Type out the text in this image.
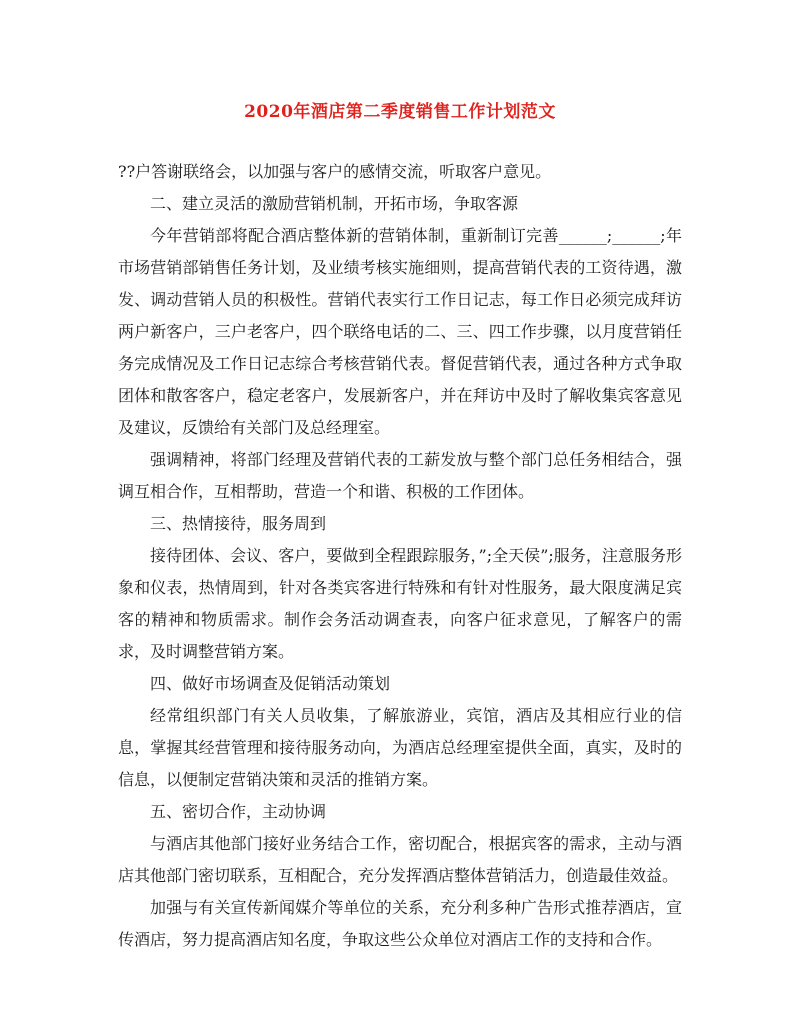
2020年酒店第二季度销售工作计划范文

??户答谢联络会，以加强与客户的感情交流，听取客户意见。

二、建立灵活的激励营销机制，开拓市场，争取客源

今年营销部将配合酒店整体新的营销体制，重新制订完善______;______;年市场营销部销售任务计划，及业绩考核实施细则，提高营销代表的工资待遇，激发、调动营销人员的积极性。营销代表实行工作日记志，每工作日必须完成拜访两户新客户，三户老客户，四个联络电话的二、三、四工作步骤，以月度营销任务完成情况及工作日记志综合考核营销代表。督促营销代表，通过各种方式争取团体和散客客户，稳定老客户，发展新客户，并在拜访中及时了解收集宾客意见及建议，反馈给有关部门及总经理室。

强调精神，将部门经理及营销代表的工薪发放与整个部门总任务相结合，强调互相合作，互相帮助，营造一个和谐、积极的工作团体。

三、热情接待，服务周到

接待团体、会议、客户，要做到全程跟踪服务，”;全天侯”;服务，注意服务形象和仪表，热情周到，针对各类宾客进行特殊和有针对性服务，最大限度满足宾客的精神和物质需求。制作会务活动调查表，向客户征求意见，了解客户的需求，及时调整营销方案。

四、做好市场调查及促销活动策划

经常组织部门有关人员收集，了解旅游业，宾馆，酒店及其相应行业的信息，掌握其经营管理和接待服务动向，为酒店总经理室提供全面，真实，及时的信息，以便制定营销决策和灵活的推销方案。

五、密切合作，主动协调

与酒店其他部门接好业务结合工作，密切配合，根据宾客的需求，主动与酒店其他部门密切联系，互相配合，充分发挥酒店整体营销活力，创造最佳效益。

加强与有关宣传新闻媒介等单位的关系，充分利多种广告形式推荐酒店，宣传酒店，努力提高酒店知名度，争取这些公众单位对酒店工作的支持和合作。
